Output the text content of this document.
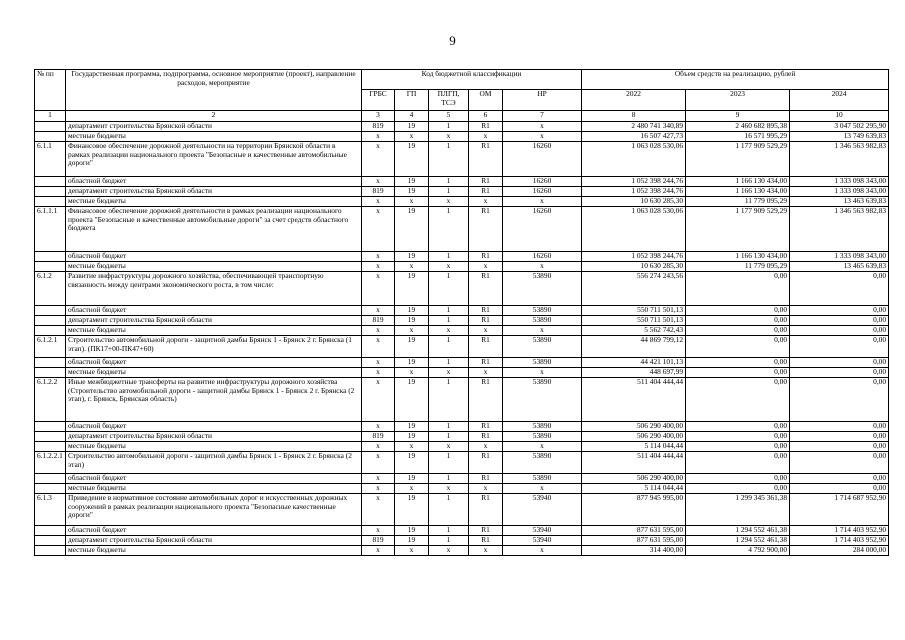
9
№ пп	Государственная программа, подпрограмма, основное мероприятие (проект), направление расходов, мероприятие	Код бюджетной классификации					Объем средств на реализацию, рублей		
		ГРБС	ГП	ПЛГП, ТСЭ	ОМ	НР	2022	2023	2024
1	2	3	4	5	6	7	8	9	10
	департамент строительства Брянской области	819	19	1	R1	x	2 480 741 340,89	2 460 682 895,38	3 047 502 295,90
	местные бюджеты	x	x	x	x	x	16 507 427,73	16 571 995,29	13 749 639,83
6.1.1	Финансовое обеспечение дорожной деятельности на территории Брянской области в рамках реализации национального проекта "Безопасные и качественные автомобильные дороги"	x	19	1	R1	16260	1 063 028 530,06	1 177 909 529,29	1 346 563 982,83
	областной бюджет	x	19	1	R1	16260	1 052 398 244,76	1 166 130 434,00	1 333 098 343,00
	департамент строительства Брянской области	819	19	1	R1	16260	1 052 398 244,76	1 166 130 434,00	1 333 098 343,00
	местные бюджеты	x	x	x	x	x	10 630 285,30	11 779 095,29	13 463 639,83
6.1.1.1	Финансовое обеспечение дорожной деятельности в рамках реализации национального проекта "Безопасные и качественные автомобильные дороги" за счет средств областного бюджета	x	19	1	R1	16260	1 063 028 530,06	1 177 909 529,29	1 346 563 982,83
	областной бюджет	x	19	1	R1	16260	1 052 398 244,76	1 166 130 434,00	1 333 098 343,00
	местные бюджеты	x	x	x	x	x	10 630 285,30	11 779 095,29	13 465 639,83
6.1.2	Развитие инфраструктуры дорожного хозяйства, обеспечивающей транспортную связанность между центрами экономического роста, в том числе:	x	19	1	R1	53890	556 274 243,56	0,00	0,00
	областной бюджет	x	19	1	R1	53890	550 711 501,13	0,00	0,00
	департамент строительства Брянской области	819	19	1	R1	53890	550 711 501,13	0,00	0,00
	местные бюджеты	x	x	x	x	x	5 562 742,43	0,00	0,00
6.1.2.1	Строительство автомобильной дороги - защитной дамбы Брянск 1 - Брянск 2 г. Брянска (1 этап). (ПК17+00-ПК47+60)	x	19	1	R1	53890	44 869 799,12	0,00	0,00
	областной бюджет	x	19	1	R1	53890	44 421 101,13	0,00	0,00
	местные бюджеты	x	x	x	x	x	448 697,99	0,00	0,00
6.1.2.2	Иные межбюджетные трансферты на развитие инфраструктуры дорожного хозяйства (Строительство автомобильной дороги - защитной дамбы Брянск 1 - Брянск 2 г. Брянска (2 этап), г. Брянск, Брянская область)	x	19	1	R1	53890	511 404 444,44	0,00	0,00
	областной бюджет	x	19	1	R1	53890	506 290 400,00	0,00	0,00
	департамент строительства Брянской области	819	19	1	R1	53890	506 290 400,00	0,00	0,00
	местные бюджеты	x	x	x	x	x	5 114 044,44	0,00	0,00
6.1.2.2.1	Строительство автомобильной дороги - защитной дамбы Брянск 1 - Брянск 2 г. Брянска (2 этап)	x	19	1	R1	53890	511 404 444,44	0,00	0,00
	областной бюджет	x	19	1	R1	53890	506 290 400,00	0,00	0,00
	местные бюджеты	x	x	x	x	x	5 114 044,44	0,00	0,00
6.1.3	Приведение в нормативное состояние автомобильных дорог и искусственных дорожных сооружений в рамках реализации национального проекта "Безопасные качественные дороги"	x	19	1	R1	53940	877 945 995,00	1 299 345 361,38	1 714 687 952,90
	областной бюджет	x	19	1	R1	53940	877 631 595,00	1 294 552 461,38	1 714 403 952,90
	департамент строительства Брянской области	819	19	1	R1	53940	877 631 595,00	1 294 552 461,38	1 714 403 952,90
	местные бюджеты	x	x	x	x	x	314 400,00	4 792 900,00	284 000,00
